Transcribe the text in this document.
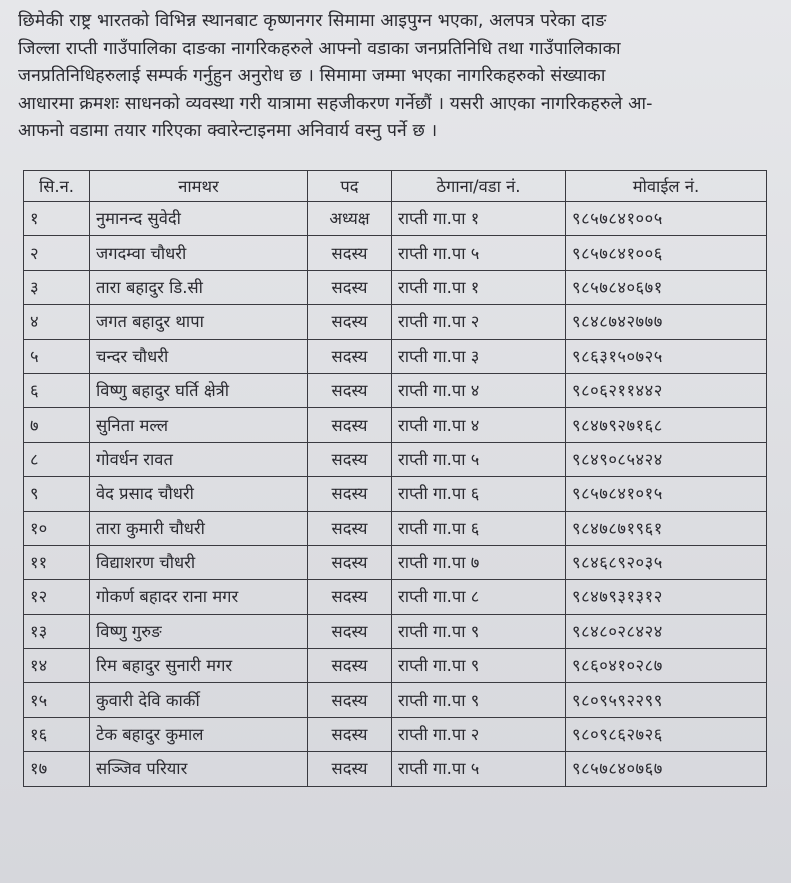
छिमेकी राष्ट्र भारतको विभिन्न स्थानबाट कृष्णनगर सिमामा आइपुग्न भएका, अलपत्र परेका दाङ
जिल्ला राप्ती गाउँपालिका दाङका नागरिकहरुले आफ्नो वडाका जनप्रतिनिधि तथा गाउँपालिकाका
जनप्रतिनिधिहरुलाई सम्पर्क गर्नुहुन अनुरोध छ । सिमामा जम्मा भएका नागरिकहरुको संख्याका
आधारमा क्रमशः साधनको व्यवस्था गरी यात्रामा सहजीकरण गर्नेछौं । यसरी आएका नागरिकहरुले आ-
आफनो वडामा तयार गरिएका क्वारेन्टाइनमा अनिवार्य वस्नु पर्ने छ ।
सि.न.	नामथर	पद	ठेगाना/वडा नं.	मोवाईल नं.
१	नुमानन्द सुवेदी	अध्यक्ष	राप्ती गा.पा १	९८५७८४१००५
२	जगदम्वा चौधरी	सदस्य	राप्ती गा.पा ५	९८५७८४१००६
३	तारा बहादुर डि.सी	सदस्य	राप्ती गा.पा १	९८५७८४०६७१
४	जगत बहादुर थापा	सदस्य	राप्ती गा.पा २	९८४८७४२७७७
५	चन्दर चौधरी	सदस्य	राप्ती गा.पा ३	९८६३१५०७२५
६	विष्णु बहादुर घर्ति क्षेत्री	सदस्य	राप्ती गा.पा ४	९८०६२११४४२
७	सुनिता मल्ल	सदस्य	राप्ती गा.पा ४	९८४७९२७१६८
८	गोवर्धन रावत	सदस्य	राप्ती गा.पा ५	९८४९०८५४२४
९	वेद प्रसाद चौधरी	सदस्य	राप्ती गा.पा ६	९८५७८४१०१५
१०	तारा कुमारी चौधरी	सदस्य	राप्ती गा.पा ६	९८४७८७१९६१
११	विद्याशरण चौधरी	सदस्य	राप्ती गा.पा ७	९८४६८९२०३५
१२	गोकर्ण बहादर राना मगर	सदस्य	राप्ती गा.पा ८	९८४७९३१३१२
१३	विष्णु गुरुङ	सदस्य	राप्ती गा.पा ९	९८४८०२८४२४
१४	रिम बहादुर सुनारी मगर	सदस्य	राप्ती गा.पा ९	९८६०४१०२८७
१५	कुवारी देवि कार्की	सदस्य	राप्ती गा.पा ९	९८०९५९२२९९
१६	टेक बहादुर कुमाल	सदस्य	राप्ती गा.पा २	९८०९८६२७२६
१७	सञ्जिव परियार	सदस्य	राप्ती गा.पा ५	९८५७८४०७६७
